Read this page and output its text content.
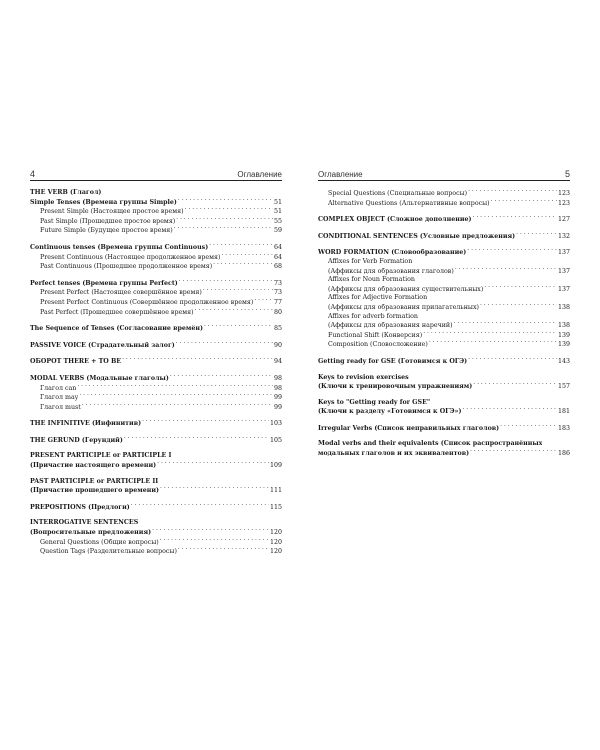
4	Оглавление
THE VERB (Глагол)
Simple Tenses (Времена группы Simple) . . .	51
Present Simple (Настоящее простое время) . . .	51
Past Simple (Прошедшее простое время) . . .	55
Future Simple (Будущее простое время) . . .	59
Continuous tenses (Времена группы Continuous) . . .	64
Present Continuous (Настоящее продолженное время) . . .	64
Past Continuous (Прошедшее продолженное время) . . .	68
Perfect tenses (Времена группы Perfect) . . .	73
Present Perfect (Настоящее совершённое время) . . .	73
Present Perfect Continuous (Совершённое продолженное время) . . .	77
Past Perfect (Прошедшее совершённое время) . . .	80
The Sequence of Tenses (Согласование времён) . . .	85
PASSIVE VOICE (Страдательный залог) . . .	90
ОБОРОТ THERE + TO BE . . .	94
MODAL VERBS (Модальные глаголы) . . .	98
Глагол can . . .	98
Глагол may . . .	99
Глагол must . . .	99
THE INFINITIVE (Инфинитив) . . .	103
THE GERUND (Герундий) . . .	105
PRESENT PARTICIPLE or PARTICIPLE I
(Причастие настоящего времени) . . .	109
PAST PARTICIPLE or PARTICIPLE II
(Причастие прошедшего времени) . . .	111
PREPOSITIONS (Предлоги) . . .	115
INTERROGATIVE SENTENCES
(Вопросительные предложения) . . .	120
General Questions (Общие вопросы) . . .	120
Question Tags (Разделительные вопросы) . . .	120
Оглавление	5
Special Questions (Специальные вопросы) . . .	123
Alternative Questions (Альтернативные вопросы) . . .	123
COMPLEX OBJECT (Сложное дополнение) . . .	127
CONDITIONAL SENTENCES (Условные предложения) . . .	132
WORD FORMATION (Словообразование) . . .	137
Affixes for Verb Formation
(Аффиксы для образования глаголов) . . .	137
Affixes for Noun Formation
(Аффиксы для образования существительных) . . .	137
Affixes for Adjective Formation
(Аффиксы для образования прилагательных) . . .	138
Affixes for adverb formation
(Аффиксы для образования наречий) . . .	138
Functional Shift (Конверсия) . . .	139
Composition (Словосложение) . . .	139
Getting ready for GSE (Готовимся к ОГЭ) . . .	143
Keys to revision exercises
(Ключи к тренировочным упражнениям) . . .	157
Keys to "Getting ready for GSE"
(Ключи к разделу «Готовимся к ОГЭ») . . .	181
Irregular Verbs (Список неправильных глаголов) . . .	183
Modal verbs and their equivalents (Список распространённых
модальных глаголов и их эквивалентов) . . .	186
